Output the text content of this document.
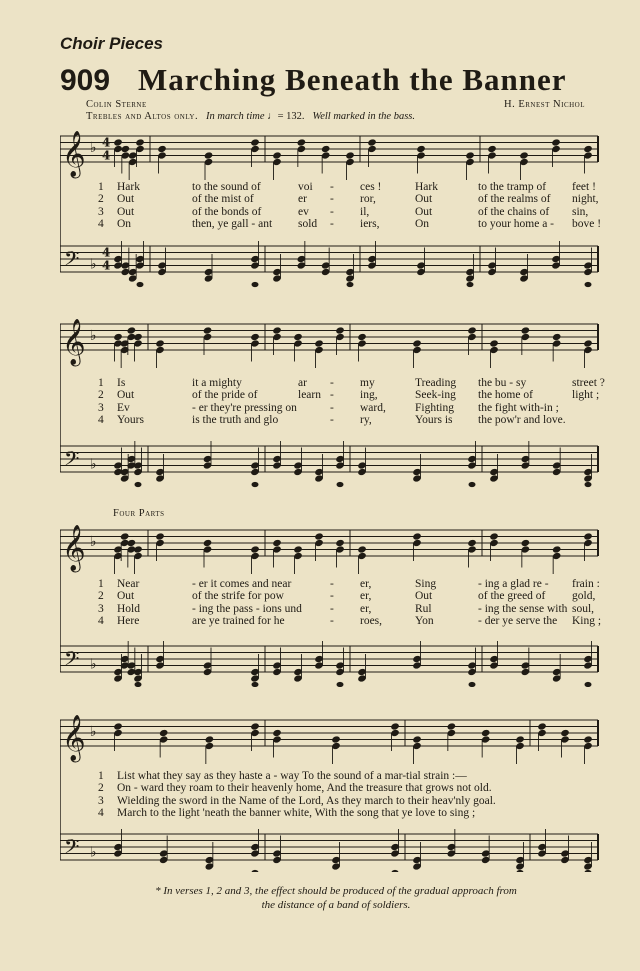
Choir Pieces
909 Marching Beneath the Banner
Colin Sterne	H. Ernest Nichol
Trebles and Altos only. In march time ♩= 132. Well marked in the bass.
𝄞 ♭ 4
4
𝄢 ♭
4
4
1 Hark	to the sound of	voi - ces !	Hark	to the tramp of feet !
2 Out	of the mist of	er - ror,	Out	of the realms of night,
3 Out	of the bonds of	ev - il,	Out	of the chains of sin,
4 On	then, ye gall - ant sold - iers,	On	to your home a - bove !
𝄞 ♭
𝄢 ♭
1 Is	it a mighty	ar - my	Treading the bu - sy	street ?
2 Out	of the pride of	learn - ing,	Seek-ing the home of	light ;
3 Ev	- er they're pressing on	- ward,	Fighting the fight with-in ;
4 Yours	is the truth and glo	- ry,	Yours is the pow'r and love.
Four Parts
𝄞 ♭
𝄢 ♭
1 Near	- er it comes and near	- er,	Sing	- ing a glad re - frain :
2 Out	of the strife for pow	- er,	Out	of the greed of gold,
3 Hold	- ing the pass - ions und - er,	Rul	- ing the sense with soul,
4 Here	are ye trained for he	- roes,	Yon	- der ye serve the King ;
𝄞 ♭
𝄢 ♭
1 List what they say as they haste a - way To the sound of a mar-tial strain :—
2 On - ward they roam to their heavenly home, And the treasure that grows not old.
3 Wielding the sword in the Name of the Lord, As they march to their heav'nly goal.
4 March to the light 'neath the banner white, With the song that ye love to sing ;
* In verses 1, 2 and 3, the effect should be produced of the gradual approach from
the distance of a band of soldiers.
